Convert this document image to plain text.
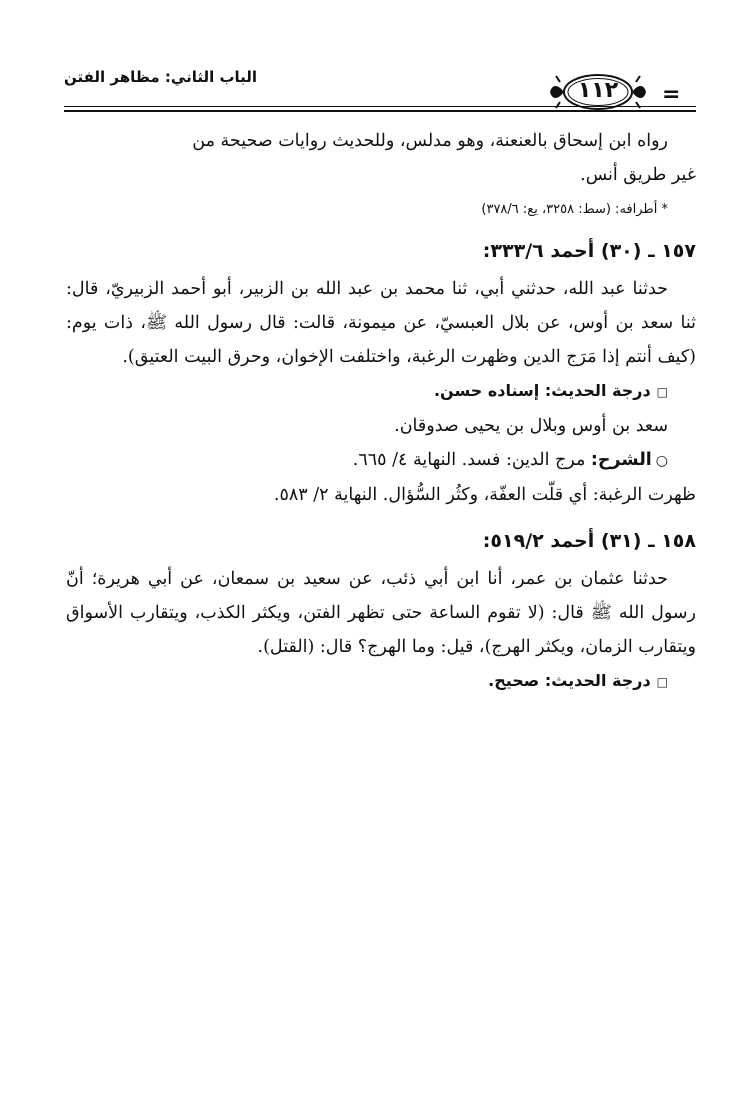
الباب الثاني: مظاهر الفتن
١١٢	=

رواه ابن إسحاق بالعنعنة، وهو مدلس، وللحديث روايات صحيحة من

غير طريق أنس.

* أطرافه: (سط: ٣٢٥٨، يع: ٣٧٨/٦)
١٥٧ ـ (٣٠) أحمد ٣٣٣/٦:

حدثنا عبد الله، حدثني أبي، ثنا محمد بن عبد الله بن الزبير، أبو أحمد الزبيريّ، قال: ثنا سعد بن أوس، عن بلال العبسيّ، عن ميمونة، قالت: قال رسول الله ﷺ، ذات يوم: (كيف أنتم إذا مَرَج الدين وظهرت الرغبة، واختلفت الإخوان، وحرق البيت العتيق).

□درجة الحديث: إسناده حسن.

سعد بن أوس وبلال بن يحيى صدوقان.

○الشرح: مرج الدين: فسد. النهاية ٤/ ٦٦٥.

ظهرت الرغبة: أي قلّت العفّة، وكثُر السُّؤال. النهاية ٢/ ٥٨٣.

١٥٨ ـ (٣١) أحمد ٥١٩/٢:

حدثنا عثمان بن عمر، أنا ابن أبي ذئب، عن سعيد بن سمعان، عن أبي هريرة؛ أنّ رسول الله ﷺ قال: (لا تقوم الساعة حتى تظهر الفتن، ويكثر الكذب، ويتقارب الأسواق ويتقارب الزمان، ويكثر الهرج)، قيل: وما الهرج؟ قال: (القتل).

□درجة الحديث: صحيح.
